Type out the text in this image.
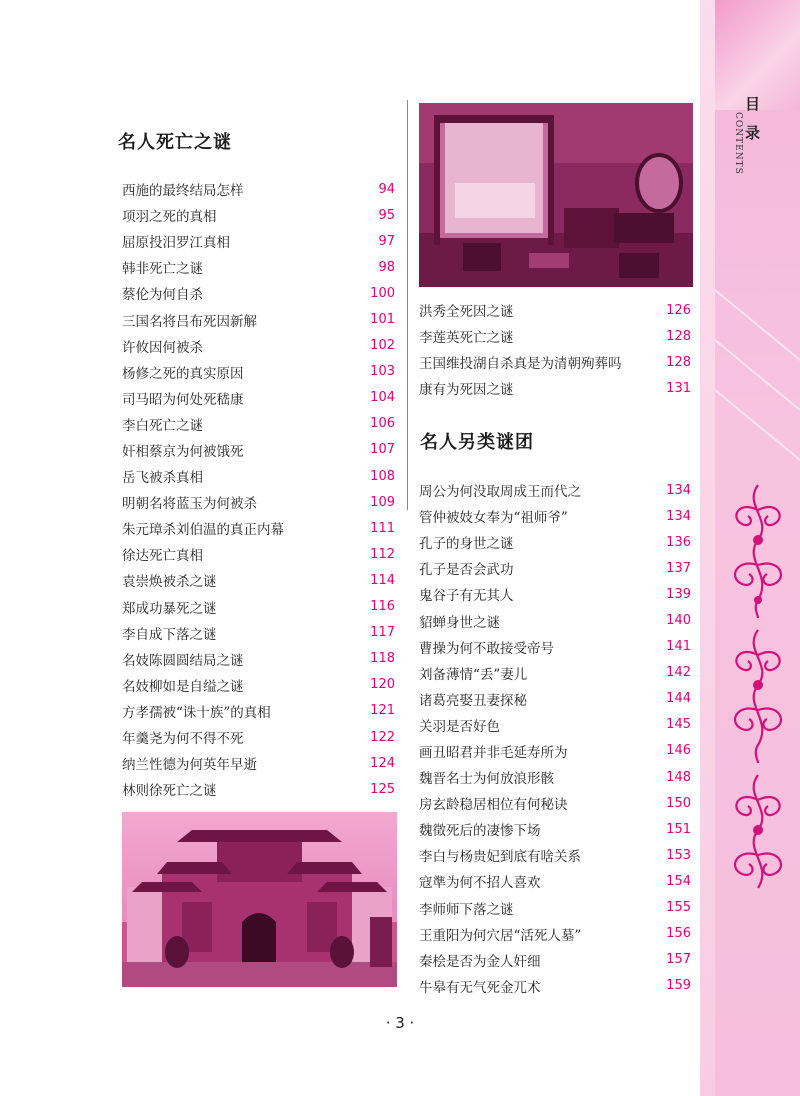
目录
CONTENTS
名人死亡之谜
西施的最终结局怎样	94
项羽之死的真相	95
屈原投汨罗江真相	97
韩非死亡之谜	98
蔡伦为何自杀	100
三国名将吕布死因新解	101
许攸因何被杀	102
杨修之死的真实原因	103
司马昭为何处死嵇康	104
李白死亡之谜	106
奸相蔡京为何被饿死	107
岳飞被杀真相	108
明朝名将蓝玉为何被杀	109
朱元璋杀刘伯温的真正内幕	111
徐达死亡真相	112
袁崇焕被杀之谜	114
郑成功暴死之谜	116
李自成下落之谜	117
名妓陈圆圆结局之谜	118
名妓柳如是自缢之谜	120
方孝孺被“诛十族”的真相	121
年羹尧为何不得不死	122
纳兰性德为何英年早逝	124
林则徐死亡之谜	125
洪秀全死因之谜	126
李莲英死亡之谜	128
王国维投湖自杀真是为清朝殉葬吗	128
康有为死因之谜	131
名人另类谜团
周公为何没取周成王而代之	134
管仲被妓女奉为“祖师爷”	134
孔子的身世之谜	136
孔子是否会武功	137
鬼谷子有无其人	139
貂蝉身世之谜	140
曹操为何不敢接受帝号	141
刘备薄情“丢”妻儿	142
诸葛亮娶丑妻探秘	144
关羽是否好色	145
画丑昭君并非毛延寿所为	146
魏晋名士为何放浪形骸	148
房玄龄稳居相位有何秘诀	150
魏徵死后的凄惨下场	151
李白与杨贵妃到底有啥关系	153
寇準为何不招人喜欢	154
李师师下落之谜	155
王重阳为何穴居“活死人墓”	156
秦桧是否为金人奸细	157
牛皋有无气死金兀术	159
· 3 ·
